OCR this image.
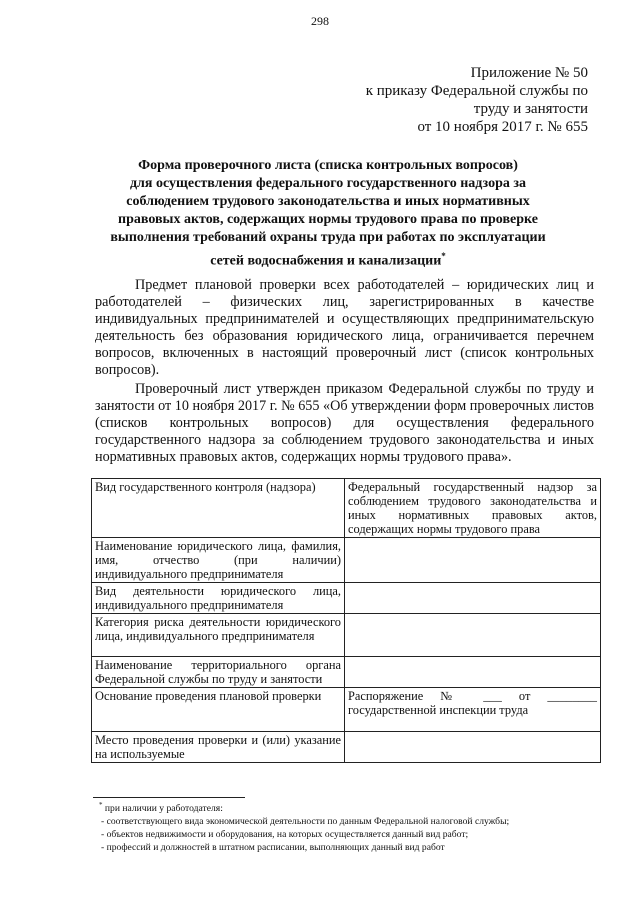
298
Приложение № 50
к приказу Федеральной службы по
труду и занятости
от 10 ноября 2017 г. № 655
Форма проверочного листа (списка контрольных вопросов)
для осуществления федерального государственного надзора за
соблюдением трудового законодательства и иных нормативных
правовых актов, содержащих нормы трудового права по проверке
выполнения требований охраны труда при работах по эксплуатации
сетей водоснабжения и канализации*
Предмет плановой проверки всех работодателей – юридических лиц и работодателей – физических лиц, зарегистрированных в качестве индивидуальных предпринимателей и осуществляющих предпринимательскую деятельность без образования юридического лица, ограничивается перечнем вопросов, включенных в настоящий проверочный лист (список контрольных вопросов).
Проверочный лист утвержден приказом Федеральной службы по труду и занятости от 10 ноября 2017 г. № 655 «Об утверждении форм проверочных листов (списков контрольных вопросов) для осуществления федерального государственного надзора за соблюдением трудового законодательства и иных нормативных правовых актов, содержащих нормы трудового права».
Вид государственного контроля (надзора)	Федеральный государственный надзор за соблюдением трудового законодательства и иных нормативных правовых актов, содержащих нормы трудового права
Наименование юридического лица, фамилия, имя, отчество (при наличии) индивидуального предпринимателя	
Вид деятельности юридического лица, индивидуального предпринимателя	
Категория риска деятельности юридического лица, индивидуального предпринимателя	
Наименование территориального органа Федеральной службы по труду и занятости	
Основание проведения плановой проверки	Распоряжение № ___ от ________ государственной инспекции труда
Место проведения проверки и (или) указание на используемые	
* при наличии у работодателя:
- соответствующего вида экономической деятельности по данным Федеральной налоговой службы;
- объектов недвижимости и оборудования, на которых осуществляется данный вид работ;
- профессий и должностей в штатном расписании, выполняющих данный вид работ
